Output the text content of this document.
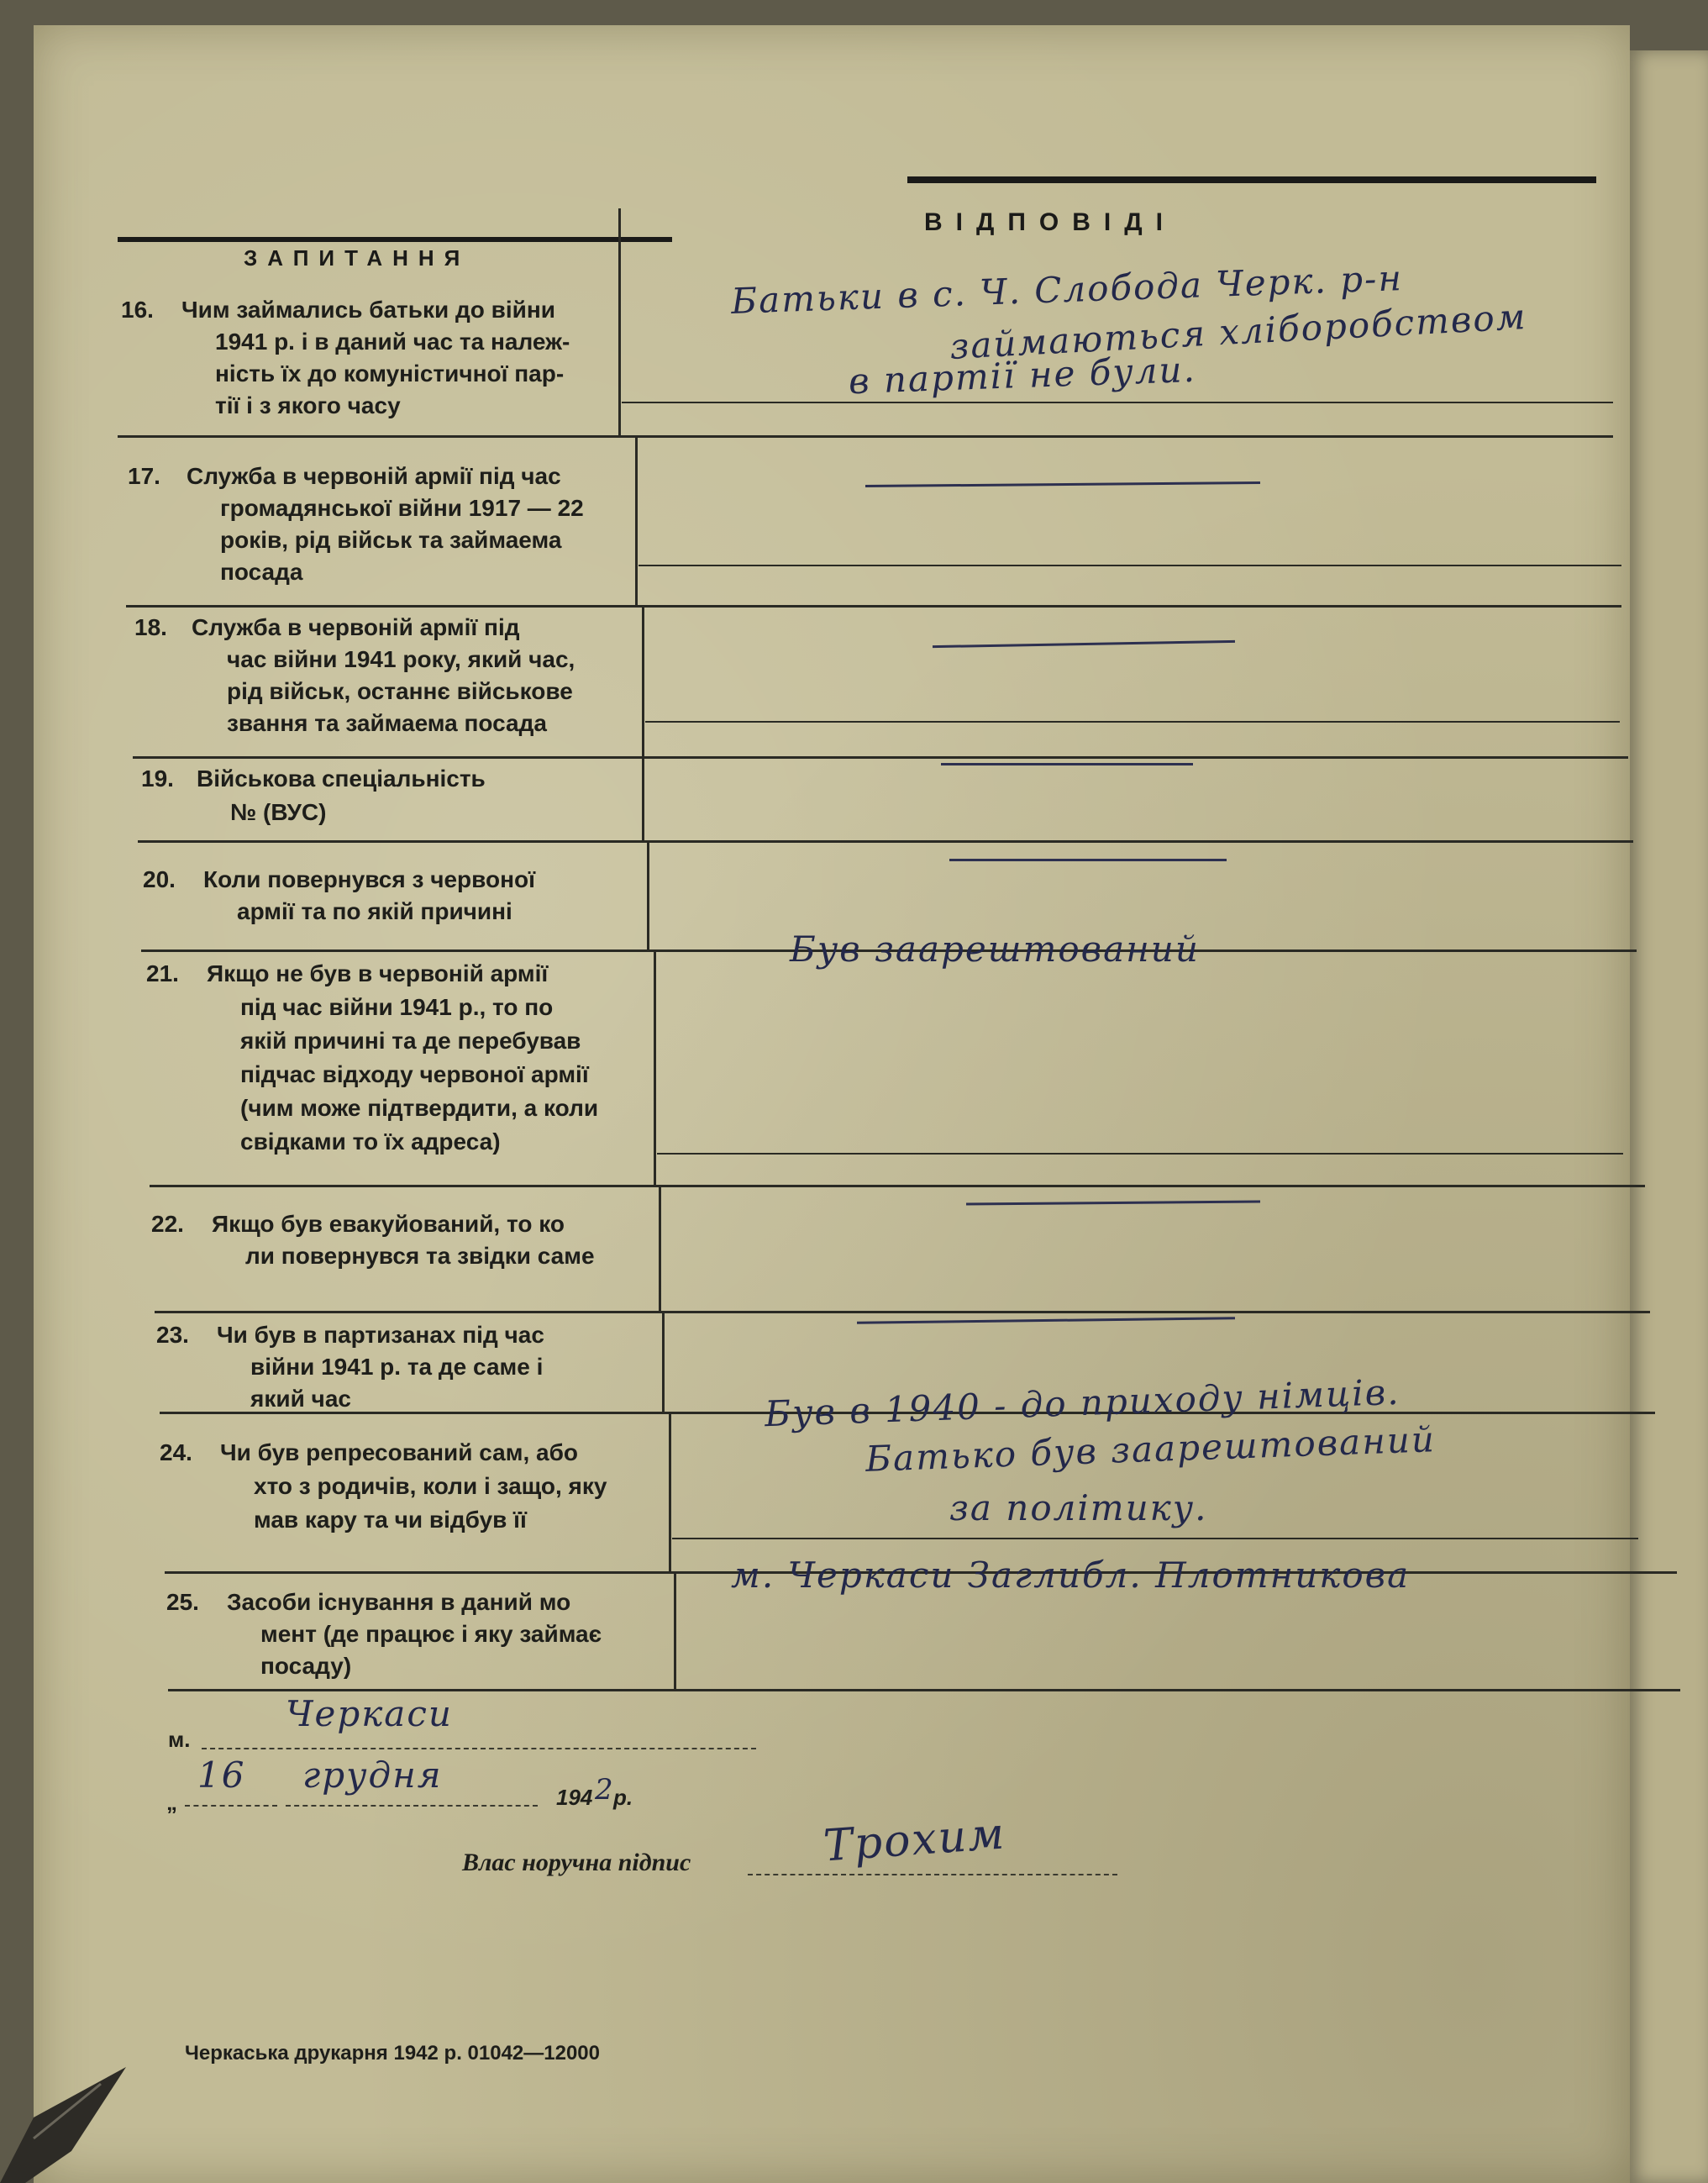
ВІДПОВІДІ
ЗАПИТАННЯ
16. Чим займались батьки до війни
1941 р. і в даний час та належ-
ність їх до комуністичної пар-
тії і з якого часу
Батьки в с. Ч. Слобода Черк. р-н
займаються хліборобством
в партії не були.
17. Служба в червоній армії під час
громадянської війни 1917 — 22
років, рід військ та займаема
посада
18. Служба в червоній армії під
час війни 1941 року, який час,
рід військ, останнє військове
звання та займаема посада
19. Військова спеціальність
№ (ВУС)
20. Коли повернувся з червоної
армії та по якій причині
21. Якщо не був в червоній армії
під час війни 1941 р., то по
якій причині та де перебував
підчас відходу червоної армії
(чим може підтвердити, а коли
свідками то їх адреса)
Був заарештований
22. Якщо був евакуйований, то ко
ли повернувся та звідки саме
23. Чи був в партизанах під час
війни 1941 р. та де саме і
який час
24. Чи був репресований сам, або
хто з родичів, коли і защо, яку
мав кару та чи відбув її
Був в 1940 - до приходу німців.
Батько був заарештований
за політику.
25. Засоби існування в даний мо
мент (де працює і яку займає
посаду)
м. Черкаси Заглибл. Плотникова
м.
Черкаси
„
16 грудня
194 2
р.
Влас норучна підпис	Трохим
Черкаська друкарня 1942 р. 01042—12000
